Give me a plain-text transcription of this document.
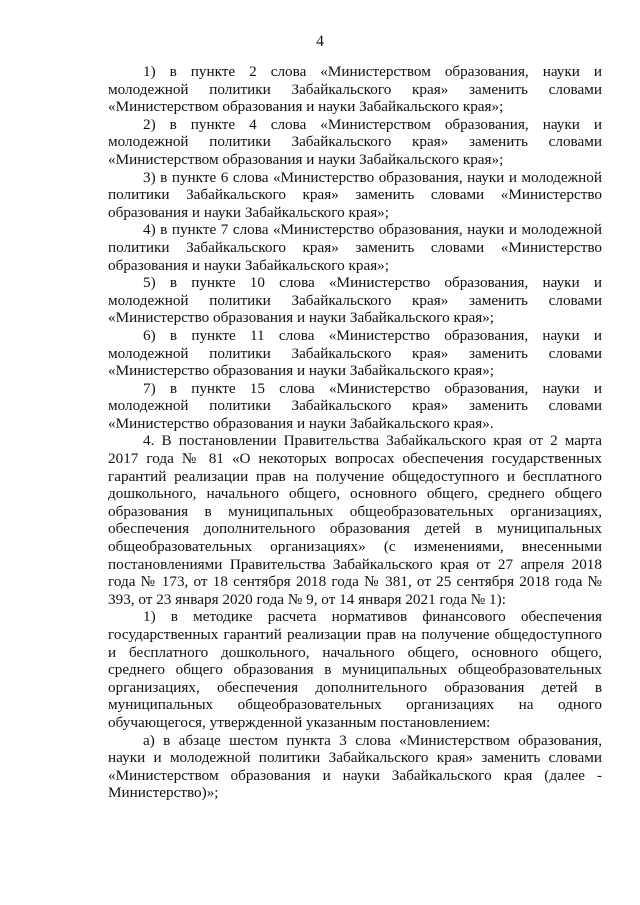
4

1) в пункте 2 слова «Министерством образования, науки и молодежной политики Забайкальского края» заменить словами «Министерством образования и науки Забайкальского края»;

2) в пункте 4 слова «Министерством образования, науки и молодежной политики Забайкальского края» заменить словами «Министерством образования и науки Забайкальского края»;

3) в пункте 6 слова «Министерство образования, науки и молодежной политики Забайкальского края» заменить словами «Министерство образования и науки Забайкальского края»;

4) в пункте 7 слова «Министерство образования, науки и молодежной политики Забайкальского края» заменить словами «Министерство образования и науки Забайкальского края»;

5) в пункте 10 слова «Министерство образования, науки и молодежной политики Забайкальского края» заменить словами «Министерство образования и науки Забайкальского края»;

6) в пункте 11 слова «Министерство образования, науки и молодежной политики Забайкальского края» заменить словами «Министерство образования и науки Забайкальского края»;

7) в пункте 15 слова «Министерство образования, науки и молодежной политики Забайкальского края» заменить словами «Министерство образования и науки Забайкальского края».

4. В постановлении Правительства Забайкальского края от 2 марта 2017 года № 81 «О некоторых вопросах обеспечения государственных гарантий реализации прав на получение общедоступного и бесплатного дошкольного, начального общего, основного общего, среднего общего образования в муниципальных общеобразовательных организациях, обеспечения дополнительного образования детей в муниципальных общеобразовательных организациях» (с изменениями, внесенными постановлениями Правительства Забайкальского края от 27 апреля 2018 года № 173, от 18 сентября 2018 года № 381, от 25 сентября 2018 года № 393, от 23 января 2020 года № 9, от 14 января 2021 года № 1):

1) в методике расчета нормативов финансового обеспечения государственных гарантий реализации прав на получение общедоступного и бесплатного дошкольного, начального общего, основного общего, среднего общего образования в муниципальных общеобразовательных организациях, обеспечения дополнительного образования детей в муниципальных общеобразовательных организациях на одного обучающегося, утвержденной указанным постановлением:

а) в абзаце шестом пункта 3 слова «Министерством образования, науки и молодежной политики Забайкальского края» заменить словами «Министерством образования и науки Забайкальского края (далее - Министерство)»;
